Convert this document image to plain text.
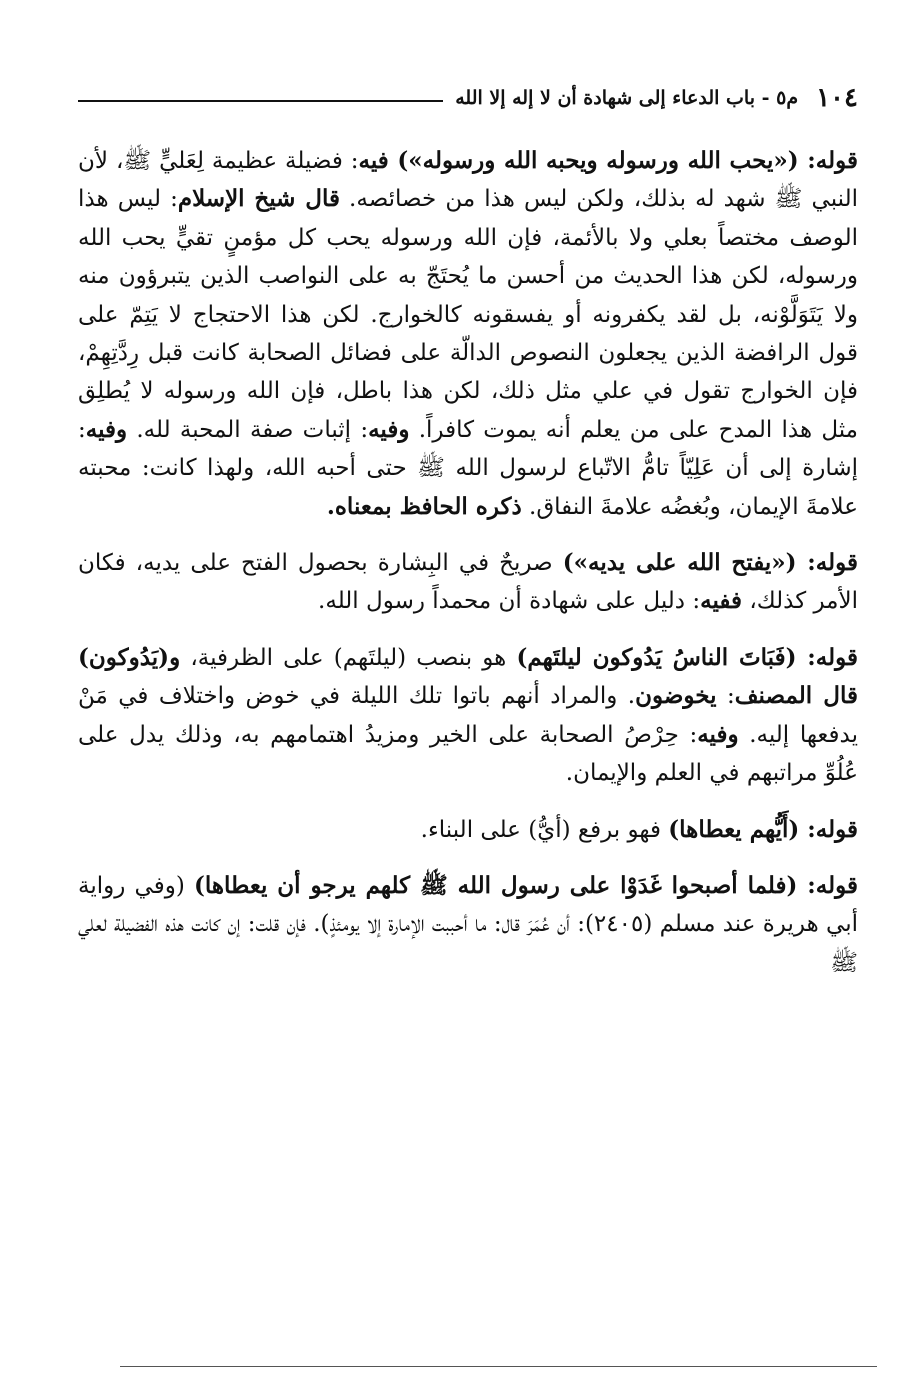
١٠٤
م٥ - باب الدعاء إلى شهادة أن لا إله إلا الله

قوله: («يحب الله ورسوله ويحبه الله ورسوله») فيه: فضيلة عظيمة لِعَليٍّ ﷺ، لأن النبي ﷺ شهد له بذلك، ولكن ليس هذا من خصائصه. قال شيخ الإسلام: ليس هذا الوصف مختصاً بعلي ولا بالأئمة، فإن الله ورسوله يحب كل مؤمنٍ تقيٍّ يحب الله ورسوله، لكن هذا الحديث من أحسن ما يُحتَجّ به على النواصب الذين يتبرؤون منه ولا يَتَوَلَّوْنه، بل لقد يكفرونه أو يفسقونه كالخوارج. لكن هذا الاحتجاج لا يَتِمّ على قول الرافضة الذين يجعلون النصوص الدالّة على فضائل الصحابة كانت قبل رِدَّتِهِمْ، فإن الخوارج تقول في علي مثل ذلك، لكن هذا باطل، فإن الله ورسوله لا يُطلِق مثل هذا المدح على من يعلم أنه يموت كافراً. وفيه: إثبات صفة المحبة لله. وفيه: إشارة إلى أن عَلِيّاً تامُّ الاتّباع لرسول الله ﷺ حتى أحبه الله، ولهذا كانت: محبته علامةَ الإيمان، وبُغضُه علامةَ النفاق. ذكره الحافظ بمعناه.

قوله: («يفتح الله على يديه») صريحٌ في البِشارة بحصول الفتح على يديه، فكان الأمر كذلك، ففيه: دليل على شهادة أن محمداً رسول الله.

قوله: (فَبَاتَ الناسُ يَدُوكون ليلتَهم) هو بنصب (ليلتَهم) على الظرفية، و(يَدُوكون) قال المصنف: يخوضون. والمراد أنهم باتوا تلك الليلة في خوض واختلاف في مَنْ يدفعها إليه. وفيه: حِرْصُ الصحابة على الخير ومزيدُ اهتمامهم به، وذلك يدل على عُلُوِّ مراتبهم في العلم والإيمان.

قوله: (أَيُّهم يعطاها) فهو برفع (أيُّ) على البناء.

قوله: (فلما أصبحوا غَدَوْا على رسول الله ﷺ كلهم يرجو أن يعطاها) (وفي رواية أبي هريرة عند مسلم (٢٤٠٥): أن عُمَرَ قال: ما أحببت الإمارة إلا يومئذٍ). فإن قلت: إن كانت هذه الفضيلة لعلي ﷺ
